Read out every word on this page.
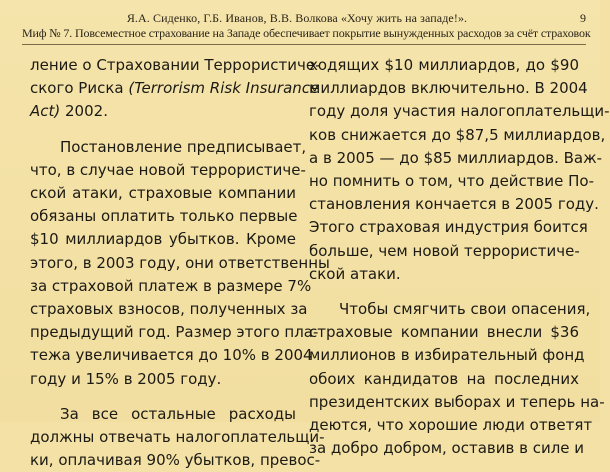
Я.А. Сиденко, Г.Б. Иванов, В.В. Волкова «Хочу жить на западе!».
Миф № 7. Повсеместное страхование на Западе обеспечивает покрытие вынужденных расходов за счёт страховок
9
ление о Страховании Террористиче-
ского Риска (Terrorism Risk Insurance
Act) 2002.
Постановление предписывает,
что, в случае новой террористиче-
ской атаки, страховые компании
обязаны оплатить только первые
$10 миллиардов убытков. Кроме
этого, в 2003 году, они ответственны
за страховой платеж в размере 7%
страховых взносов, полученных за
предыдущий год. Размер этого пла-
тежа увеличивается до 10% в 2004
году и 15% в 2005 году.
За все остальные расходы
должны отвечать налогоплательщи-
ки, оплачивая 90% убытков, превос-
ходящих $10 миллиардов, до $90
миллиардов включительно. В 2004
году доля участия налогоплательщи-
ков снижается до $87,5 миллиардов,
а в 2005 — до $85 миллиардов. Важ-
но помнить о том, что действие По-
становления кончается в 2005 году.
Этого страховая индустрия боится
больше, чем новой террористиче-
ской атаки.
Чтобы смягчить свои опасения,
страховые компании внесли $36
миллионов в избирательный фонд
обоих кандидатов на последних
президентских выборах и теперь на-
деются, что хорошие люди ответят
за добро добром, оставив в силе и
